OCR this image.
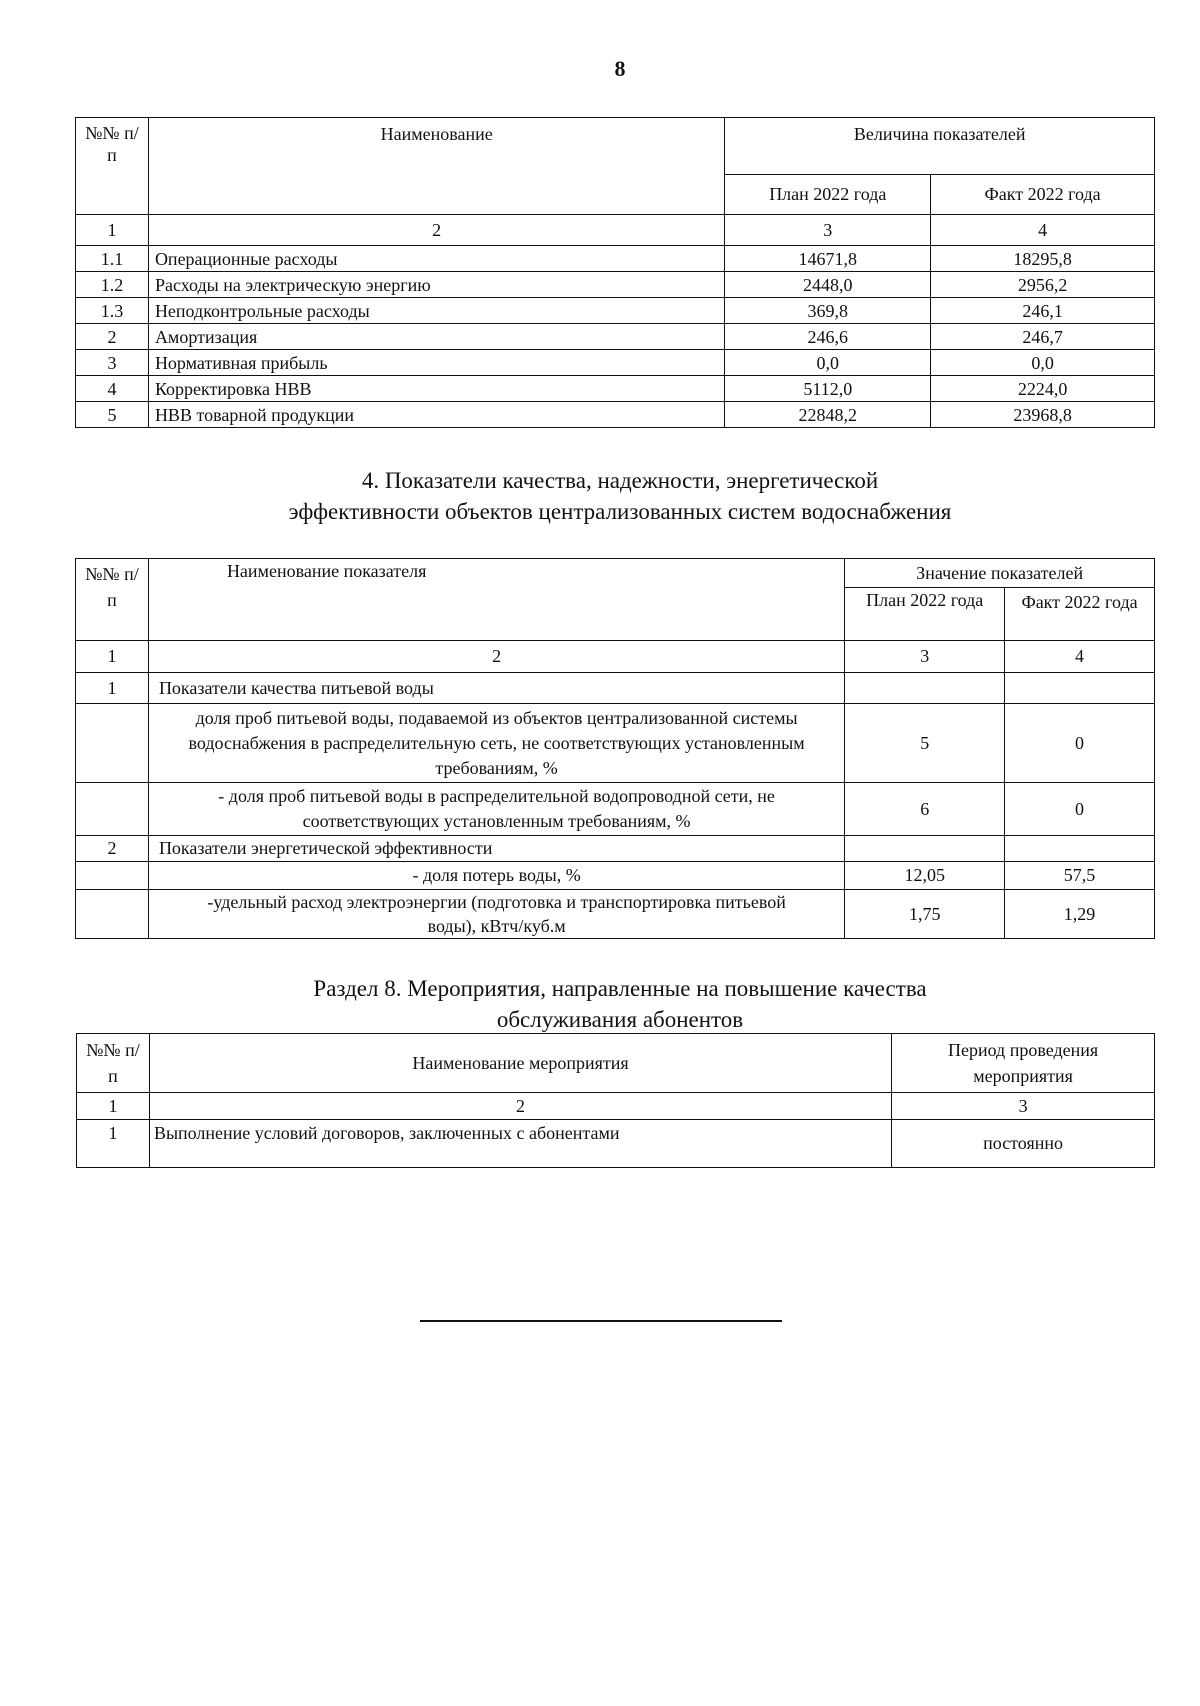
8
№№ п/п	Наименование	Величина показателей	
		План 2022 года	Факт 2022 года
1	2	3	4
1.1	Операционные расходы	14671,8	18295,8
1.2	Расходы на электрическую энергию	2448,0	2956,2
1.3	Неподконтрольные расходы	369,8	246,1
2	Амортизация	246,6	246,7
3	Нормативная прибыль	0,0	0,0
4	Корректировка НВВ	5112,0	2224,0
5	НВВ товарной продукции	22848,2	23968,8
4. Показатели качества, надежности, энергетической
эффективности объектов централизованных систем водоснабжения
№№ п/п	Наименование показателя	Значение показателей	
		План 2022 года	Факт 2022 года
1	2	3	4
1	Показатели качества питьевой воды		
	доля проб питьевой воды, подаваемой из объектов централизованной системы водоснабжения в распределительную сеть, не соответствующих установленным требованиям, %	5	0
	- доля проб питьевой воды в распределительной водопроводной сети, не соответствующих установленным требованиям, %	6	0
2	Показатели энергетической эффективности		
	- доля потерь воды, %	12,05	57,5
	-удельный расход электроэнергии (подготовка и транспортировка питьевой воды), кВтч/куб.м	1,75	1,29
Раздел 8. Мероприятия, направленные на повышение качества
обслуживания абонентов
№№ п/п	Наименование мероприятия	Период проведения мероприятия
1	2	3
1	Выполнение условий договоров, заключенных с абонентами	постоянно
